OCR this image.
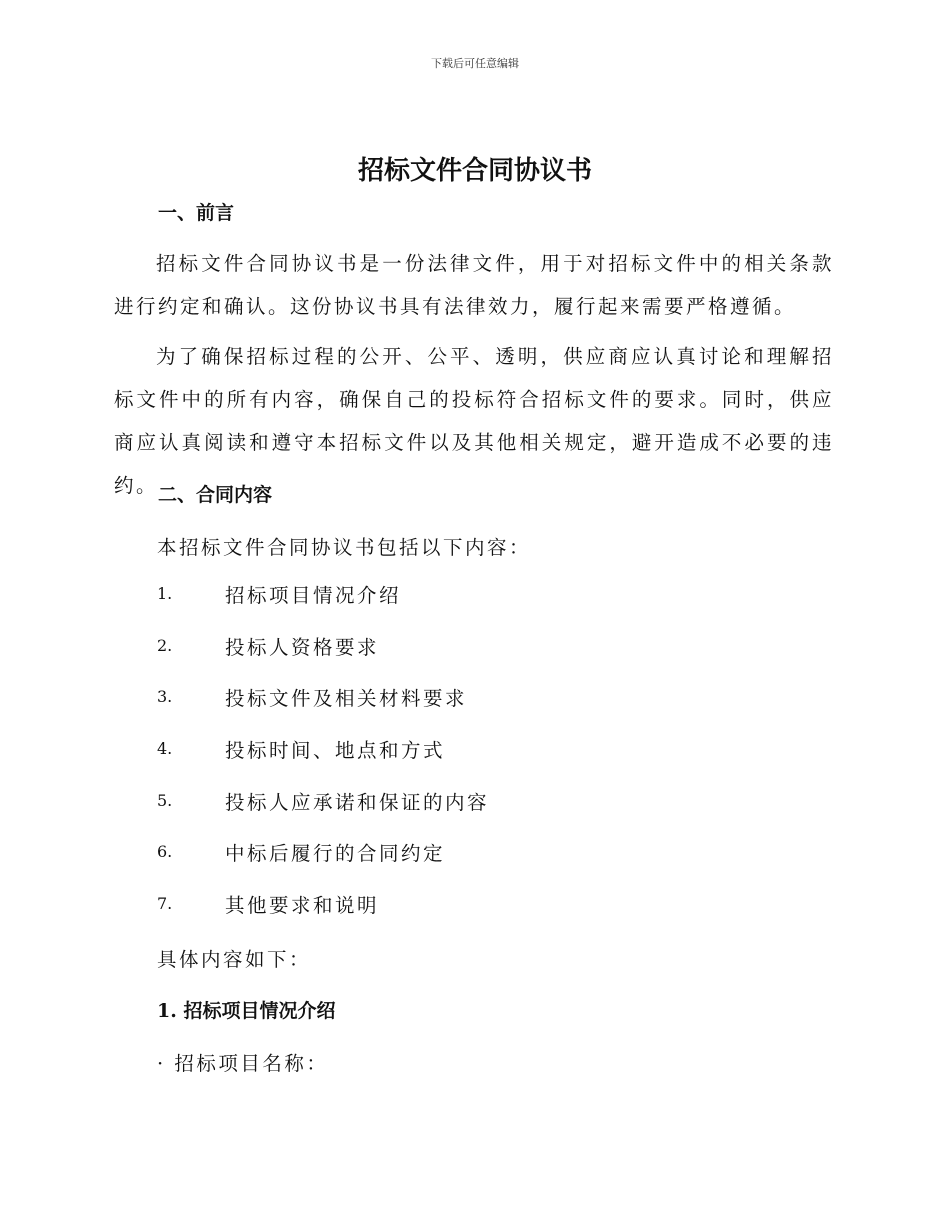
下载后可任意编辑
招标文件合同协议书
一、前言
招标文件合同协议书是一份法律文件，用于对招标文件中的相关条款进行约定和确认。这份协议书具有法律效力，履行起来需要严格遵循。
为了确保招标过程的公开、公平、透明，供应商应认真讨论和理解招标文件中的所有内容，确保自己的投标符合招标文件的要求。同时，供应商应认真阅读和遵守本招标文件以及其他相关规定，避开造成不必要的违约。 二、合同内容
本招标文件合同协议书包括以下内容：
1.	招标项目情况介绍
2.	投标人资格要求
3.	投标文件及相关材料要求
4.	投标时间、地点和方式
5.	投标人应承诺和保证的内容
6.	中标后履行的合同约定
7.	其他要求和说明
具体内容如下：
1. 招标项目情况介绍
· 招标项目名称：
